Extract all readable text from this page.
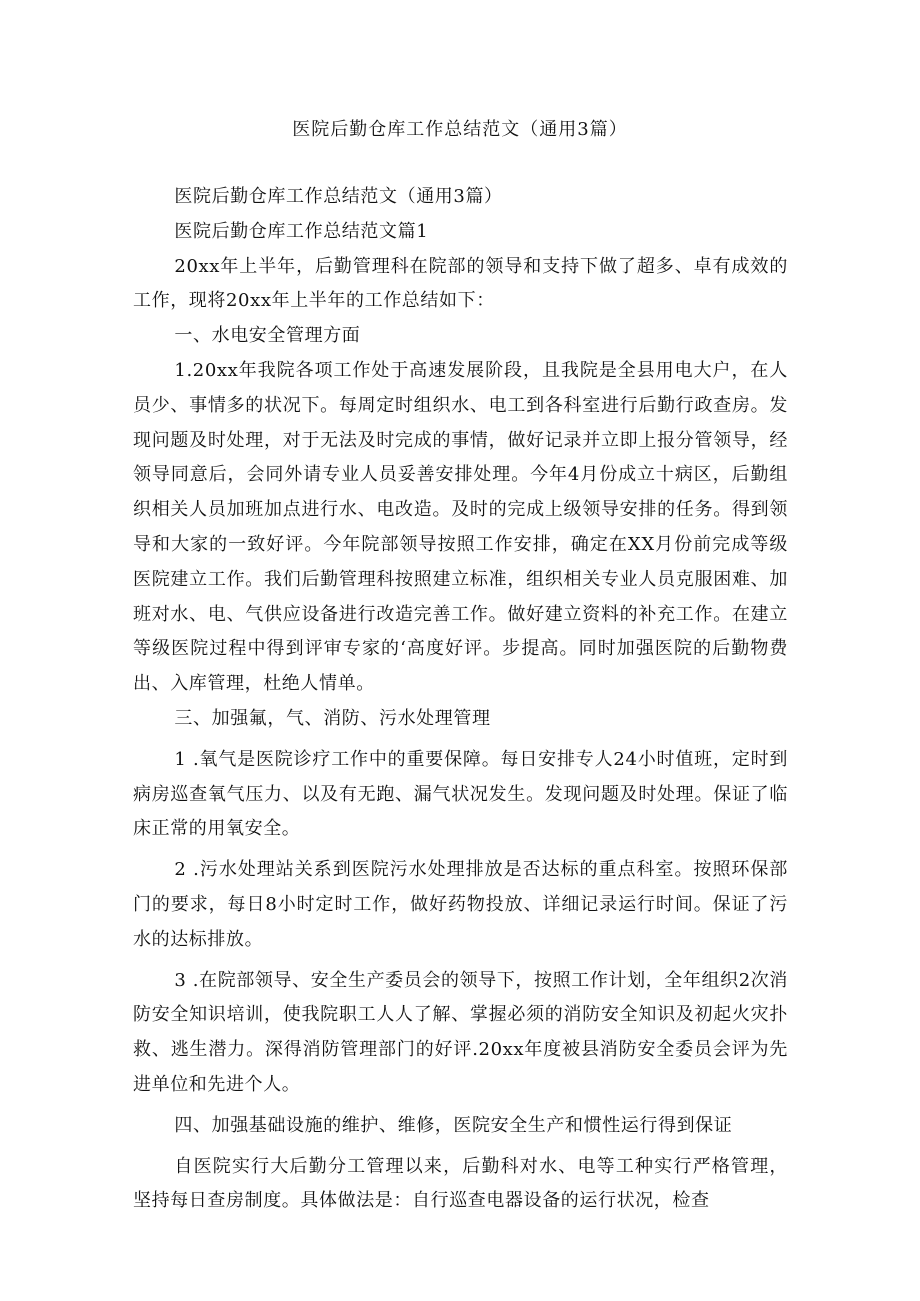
医院后勤仓库工作总结范文（通用3篇）

医院后勤仓库工作总结范文（通用3篇）

医院后勤仓库工作总结范文篇1

20xx年上半年，后勤管理科在院部的领导和支持下做了超多、卓有成效的工作，现将20xx年上半年的工作总结如下：

一、水电安全管理方面

1.20xx年我院各项工作处于高速发展阶段，且我院是全县用电大户，在人员少、事情多的状况下。每周定时组织水、电工到各科室进行后勤行政查房。发现问题及时处理，对于无法及时完成的事情，做好记录并立即上报分管领导，经领导同意后，会同外请专业人员妥善安排处理。今年4月份成立十病区，后勤组织相关人员加班加点进行水、电改造。及时的完成上级领导安排的任务。得到领导和大家的一致好评。今年院部领导按照工作安排，确定在XX月份前完成等级医院建立工作。我们后勤管理科按照建立标准，组织相关专业人员克服困难、加班对水、电、气供应设备进行改造完善工作。做好建立资料的补充工作。在建立等级医院过程中得到评审专家的‘高度好评。步提高。同时加强医院的后勤物费出、入库管理，杜绝人情单。

三、加强氟，气、消防、污水处理管理

1 .氧气是医院诊疗工作中的重要保障。每日安排专人24小时值班，定时到病房巡查氧气压力、以及有无跑、漏气状况发生。发现问题及时处理。保证了临床正常的用氧安全。

2 .污水处理站关系到医院污水处理排放是否达标的重点科室。按照环保部门的要求，每日8小时定时工作，做好药物投放、详细记录运行时间。保证了污水的达标排放。

3 .在院部领导、安全生产委员会的领导下，按照工作计划，全年组织2次消防安全知识培训，使我院职工人人了解、掌握必须的消防安全知识及初起火灾扑救、逃生潜力。深得消防管理部门的好评.20xx年度被县消防安全委员会评为先进单位和先进个人。

四、加强基础设施的维护、维修，医院安全生产和惯性运行得到保证

自医院实行大后勤分工管理以来，后勤科对水、电等工种实行严格管理，坚持每日查房制度。具体做法是：自行巡查电器设备的运行状况，检查
